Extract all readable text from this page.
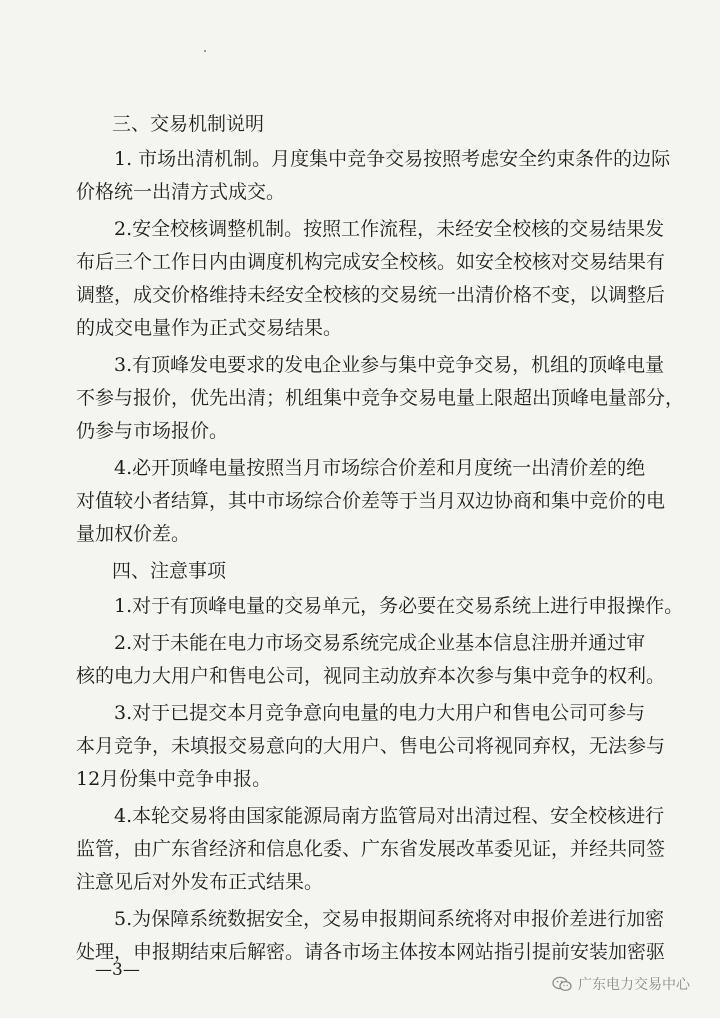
三、交易机制说明
1. 市场出清机制。月度集中竞争交易按照考虑安全约束条件的边际
价格统一出清方式成交。
2.安全校核调整机制。按照工作流程，未经安全校核的交易结果发
布后三个工作日内由调度机构完成安全校核。如安全校核对交易结果有
调整，成交价格维持未经安全校核的交易统一出清价格不变，以调整后
的成交电量作为正式交易结果。
3.有顶峰发电要求的发电企业参与集中竞争交易，机组的顶峰电量
不参与报价，优先出清；机组集中竞争交易电量上限超出顶峰电量部分，
仍参与市场报价。
4.必开顶峰电量按照当月市场综合价差和月度统一出清价差的绝
对值较小者结算，其中市场综合价差等于当月双边协商和集中竞价的电
量加权价差。
四、注意事项
1.对于有顶峰电量的交易单元，务必要在交易系统上进行申报操作。
2.对于未能在电力市场交易系统完成企业基本信息注册并通过审
核的电力大用户和售电公司，视同主动放弃本次参与集中竞争的权利。
3.对于已提交本月竞争意向电量的电力大用户和售电公司可参与
本月竞争，未填报交易意向的大用户、售电公司将视同弃权，无法参与
12月份集中竞争申报。
4.本轮交易将由国家能源局南方监管局对出清过程、安全校核进行
监管，由广东省经济和信息化委、广东省发展改革委见证，并经共同签
注意见后对外发布正式结果。
5.为保障系统数据安全，交易申报期间系统将对申报价差进行加密
处理，申报期结束后解密。请各市场主体按本网站指引提前安装加密驱
—3—
广东电力交易中心
